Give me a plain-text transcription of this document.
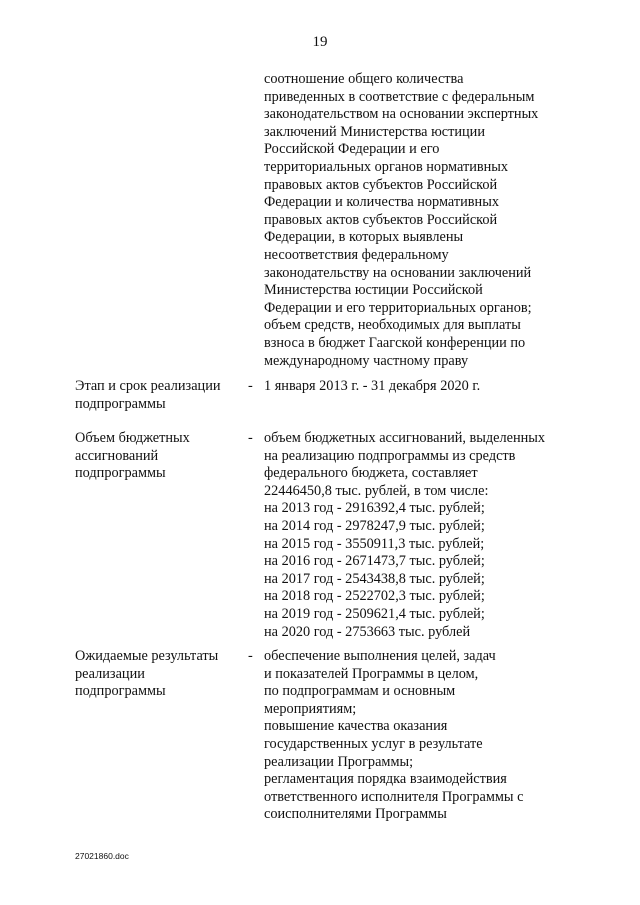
19

соотношение общего количества

приведенных в соответствие с федеральным

законодательством на основании экспертных

заключений Министерства юстиции

Российской Федерации и его

территориальных органов нормативных

правовых актов субъектов Российской

Федерации и количества нормативных

правовых актов субъектов Российской

Федерации, в которых выявлены

несоответствия федеральному

законодательству на основании заключений

Министерства юстиции Российской

Федерации и его территориальных органов;

объем средств, необходимых для выплаты

взноса в бюджет Гаагской конференции по

международному частному праву

Этап и срок реализации

подпрограммы

- 1 января 2013 г. - 31 декабря 2020 г.

Объем бюджетных

ассигнований

подпрограммы

- объем бюджетных ассигнований, выделенных

на реализацию подпрограммы из средств

федерального бюджета, составляет

22446450,8 тыс. рублей, в том числе:

на 2013 год - 2916392,4 тыс. рублей;

на 2014 год - 2978247,9 тыс. рублей;

на 2015 год - 3550911,3 тыс. рублей;

на 2016 год - 2671473,7 тыс. рублей;

на 2017 год - 2543438,8 тыс. рублей;

на 2018 год - 2522702,3 тыс. рублей;

на 2019 год - 2509621,4 тыс. рублей;

на 2020 год - 2753663 тыс. рублей

Ожидаемые результаты

реализации

подпрограммы

- обеспечение выполнения целей, задач

и показателей Программы в целом,

по подпрограммам и основным

мероприятиям;

повышение качества оказания

государственных услуг в результате

реализации Программы;

регламентация порядка взаимодействия

ответственного исполнителя Программы с

соисполнителями Программы

27021860.doc
